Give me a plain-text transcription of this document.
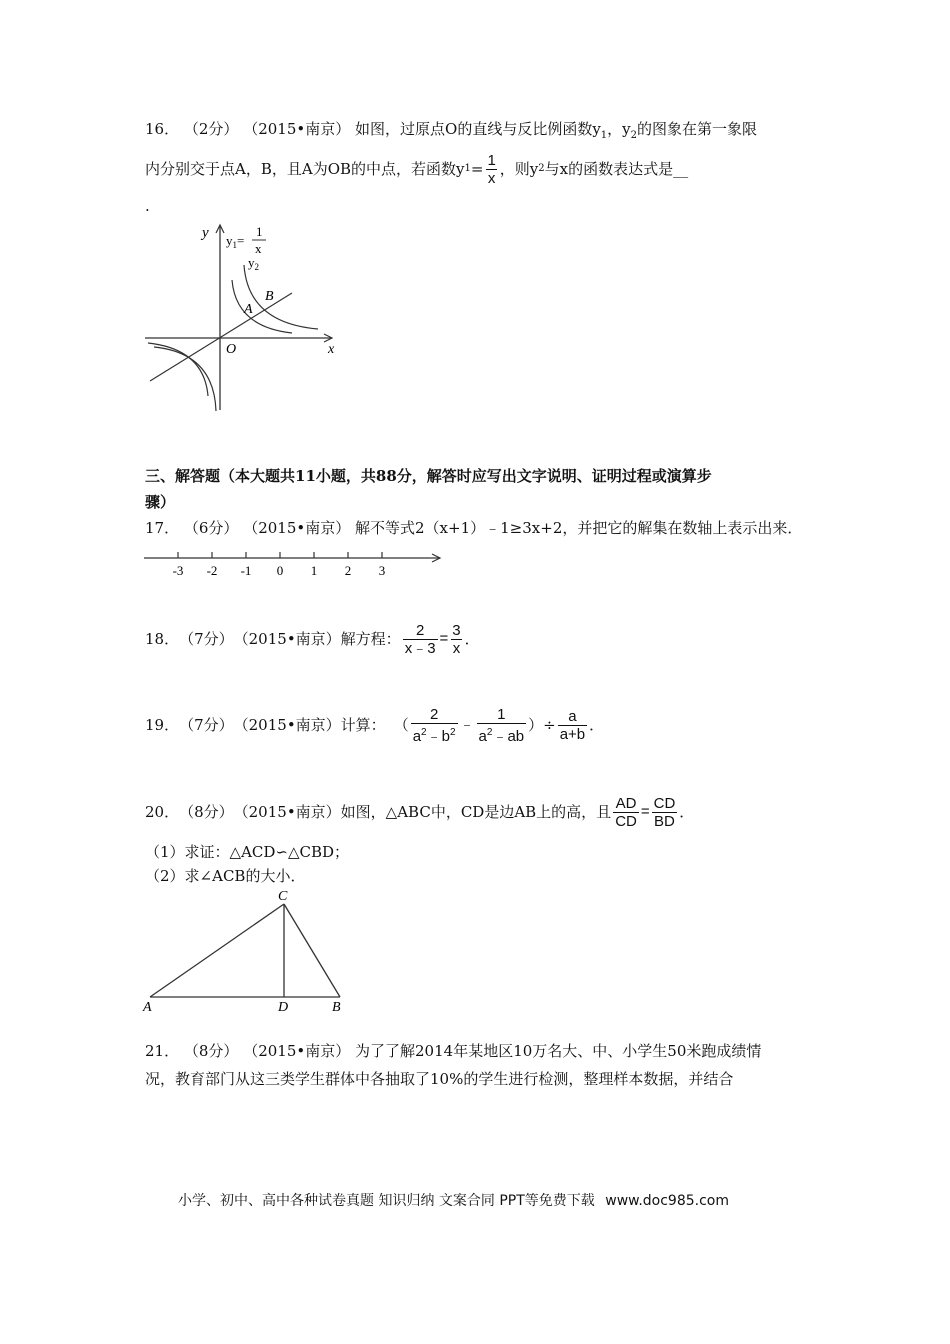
16． （2分） （2015•南京） 如图，过原点O的直线与反比例函数$y_1$，$y_2$的图象在第一象限
内分别交于点A，B，且A为OB的中点，若函数y $1 = \frac{1}{x}$ ，则y 2 与x的函数表达式是 __
.
y $y_1=$
1
x
$y_2$
A
B
O	x
三、解答题（本大题共11小题，共88分，解答时应写出文字说明、证明过程或演算步
骤）
17． （6分） （2015•南京） 解不等式2（x+1）﹣1≥3x+2，并把它的解集在数轴上表示出来．
-3 -2 -1 0 1 2 3
18． （7分） （2015•南京） 解方程： $\frac{2}{x﹣3} = \frac{3}{x}$ ．
19． （7分） （2015•南京） 计算： （ $\frac{2}{a^2﹣b^2}$ ﹣ $\frac{1}{a^2﹣ab}$ ）÷ $\frac{a}{a+b}$ ．
20． （8分） （2015•南京） 如图，△ABC中，CD是边AB上的高，且 $\frac{AD}{CD} = \frac{CD}{BD}$ ．
（1）求证：△ACD∽△CBD；
（2）求∠ACB的大小．
A	B
C
D
21． （8分） （2015•南京） 为了了解2014年某地区10万名大、中、小学生50米跑成绩情
况，教育部门从这三类学生群体中各抽取了10%的学生进行检测，整理样本数据，并结合
小学、初中、高中各种试卷真题 知识归纳 文案合同 PPT等免费下载 www.doc985.com
